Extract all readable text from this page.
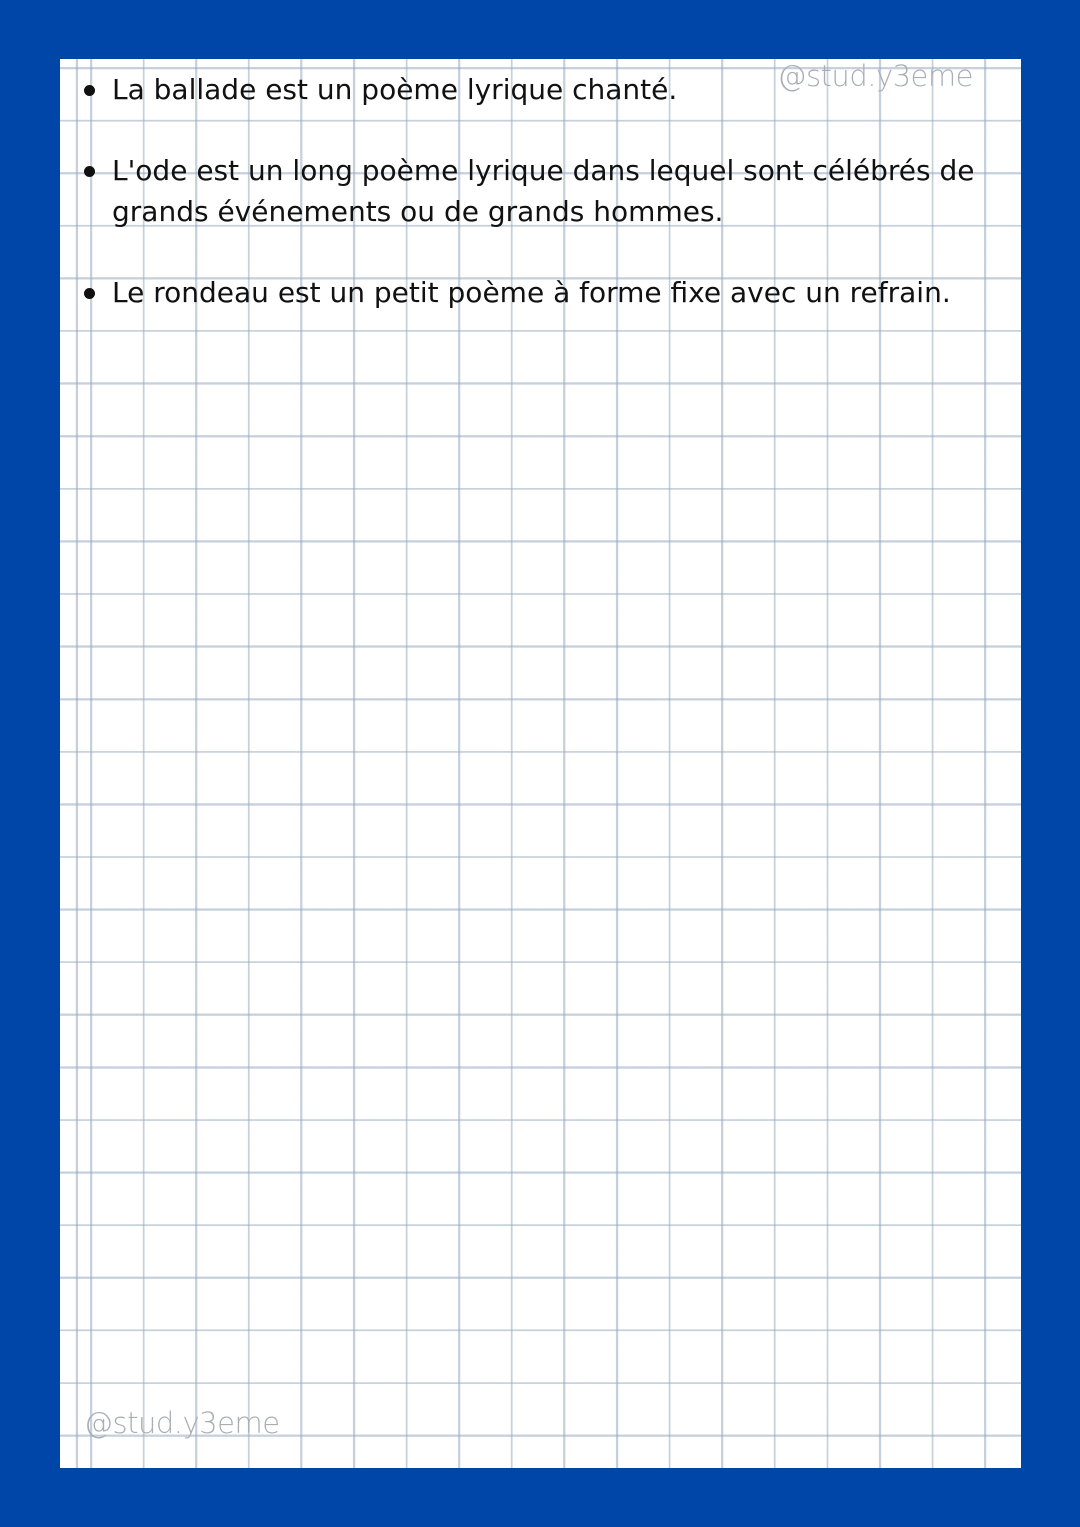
@stud.y3eme
La ballade est un poème lyrique chanté.
L'ode est un long poème lyrique dans lequel sont célébrés de grands événements ou de grands hommes.
Le rondeau est un petit poème à forme fixe avec un refrain.
@stud.y3eme
